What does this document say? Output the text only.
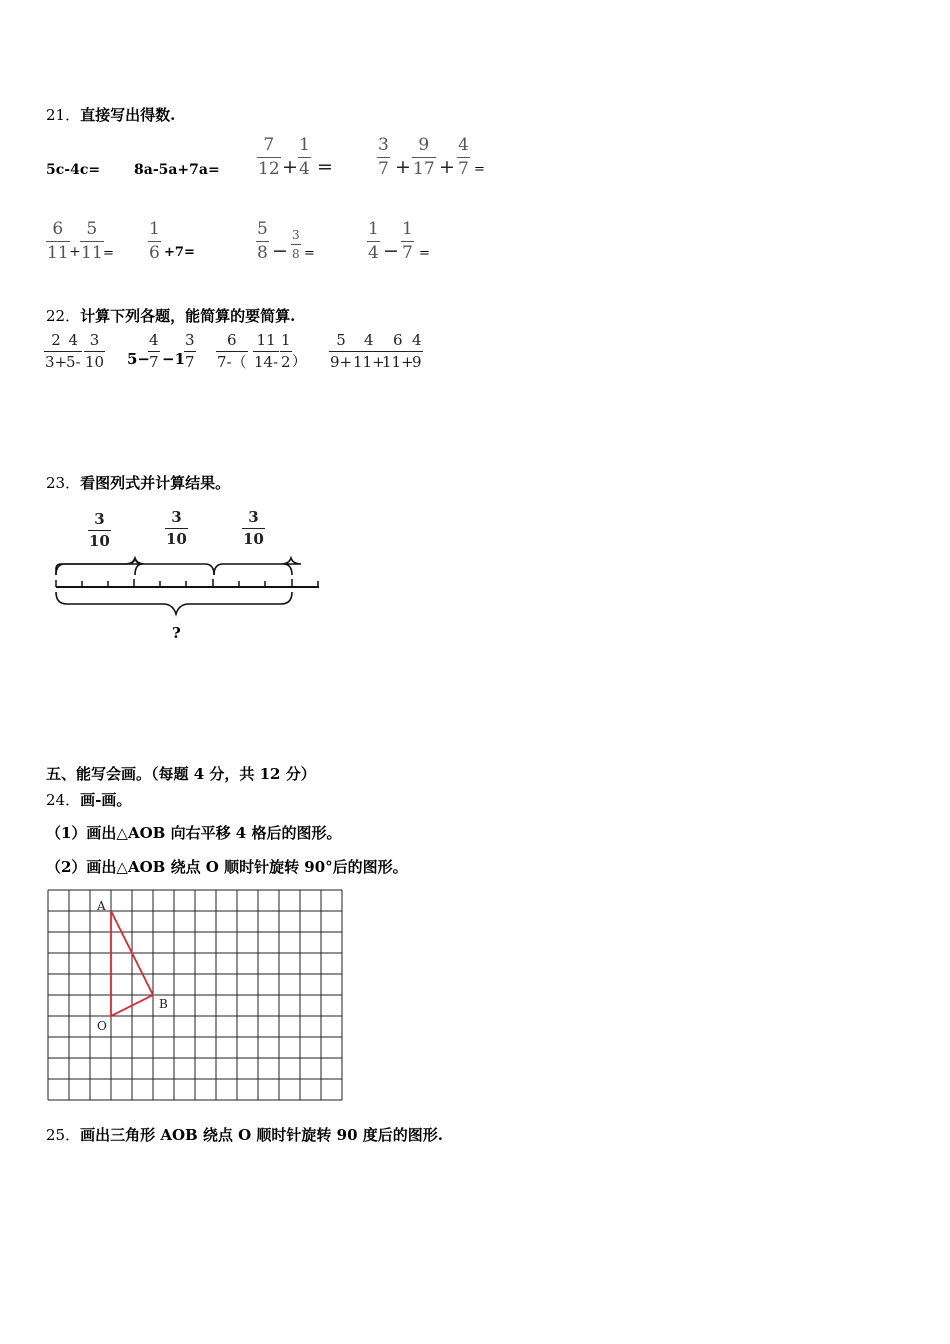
21．直接写出得数.
$5c-4c= 8a-5a+7a= \frac{7}{12} + \frac{1}{4}$ =	$\frac{3}{7} + \frac{9}{17} + \frac{4}{7}$ =
$\frac{6}{11} + \frac{5}{11} = \frac{1}{6} +7=$	$\frac{5}{8} - \frac{3}{8}$ =	$\frac{1}{4} - \frac{1}{7}$ =
22．计算下列各题，能简算的要简算.
$\frac{2}{3+}$
$\frac{4}{5-} \frac{3}{10} 5-$
$\frac{4}{7} -1$
$\frac{3}{7} \frac{6}{7-(} \frac{11}{14-} \frac{1}{2}$ ） $\frac{5}{9+}$
$\frac{4}{11+}$
$\frac{6}{11+}$
$\frac{4}{9}$
23．看图列式并计算结果。
$\frac{3}{10}$	$\frac{3}{10}$	$\frac{3}{10}$
?
五、能写会画。（每题 4 分，共 12 分）
24．画-画。
（1）画出△AOB 向右平移 4 格后的图形。
（2）画出△AOB 绕点 O 顺时针旋转 90°后的图形。
A
B
O
25．画出三角形 AOB 绕点 O 顺时针旋转 90 度后的图形.
